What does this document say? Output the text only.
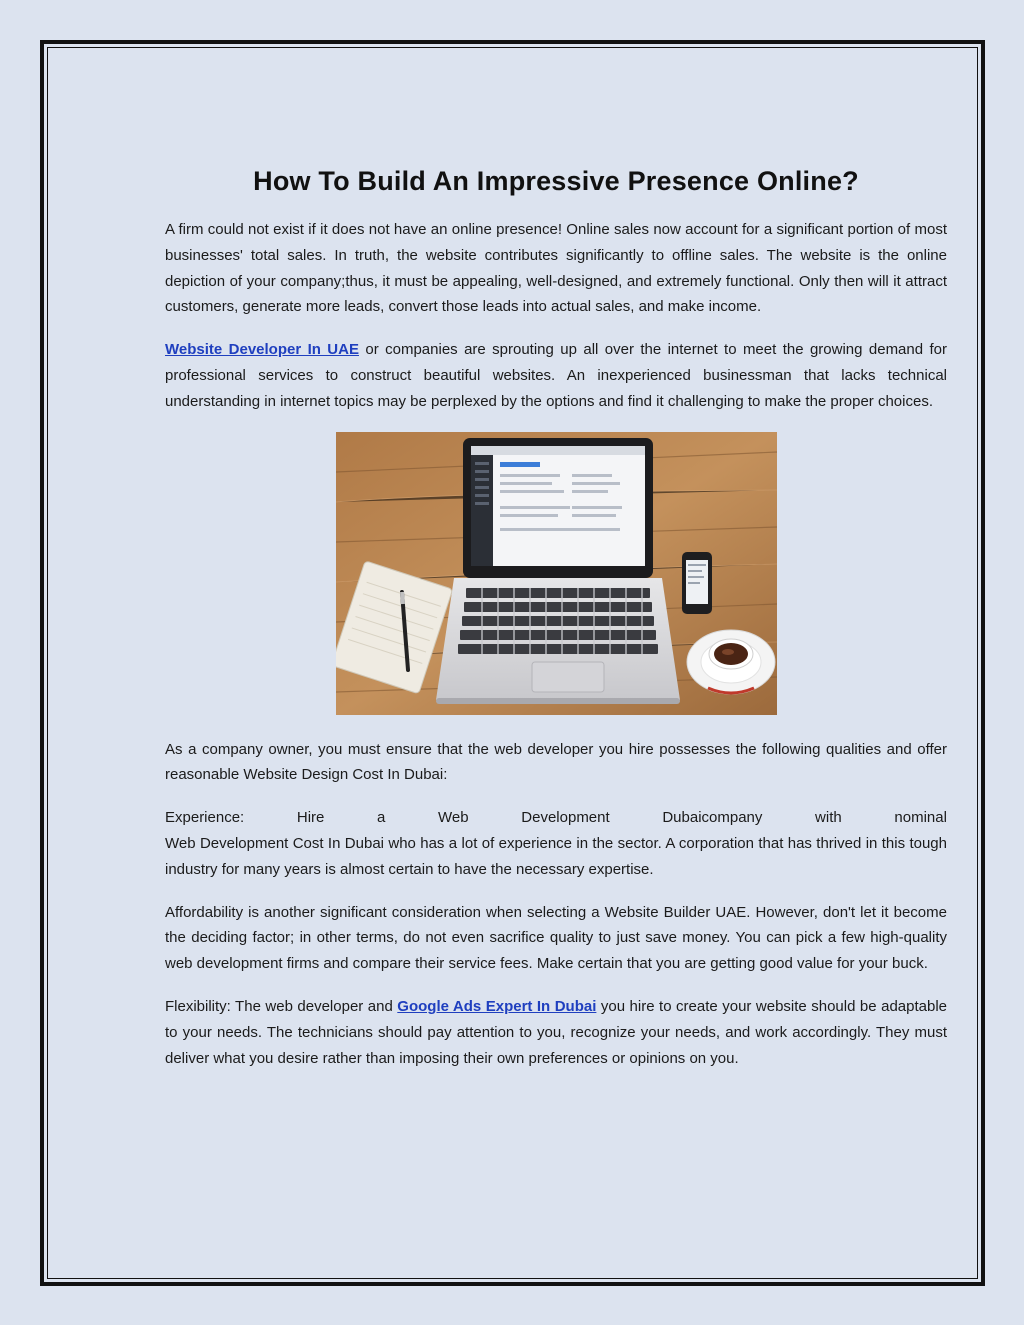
How To Build An Impressive Presence Online?

A firm could not exist if it does not have an online presence! Online sales now account for a significant portion of most businesses' total sales. In truth, the website contributes significantly to offline sales. The website is the online depiction of your company;thus, it must be appealing, well-designed, and extremely functional. Only then will it attract customers, generate more leads, convert those leads into actual sales, and make income.

Website Developer In UAE or companies are sprouting up all over the internet to meet the growing demand for professional services to construct beautiful websites. An inexperienced businessman that lacks technical understanding in internet topics may be perplexed by the options and find it challenging to make the proper choices.

As a company owner, you must ensure that the web developer you hire possesses the following qualities and offer reasonable Website Design Cost In Dubai:

Experience:	Hire	a	Web	Development	Dubaicompany	with	nominal

Web Development Cost In Dubai who has a lot of experience in the sector. A corporation that has thrived in this tough industry for many years is almost certain to have the necessary expertise.

Affordability is another significant consideration when selecting a Website Builder UAE. However, don't let it become the deciding factor; in other terms, do not even sacrifice quality to just save money. You can pick a few high-quality web development firms and compare their service fees. Make certain that you are getting good value for your buck.

Flexibility: The web developer and Google Ads Expert In Dubai you hire to create your website should be adaptable to your needs. The technicians should pay attention to you, recognize your needs, and work accordingly. They must deliver what you desire rather than imposing their own preferences or opinions on you.
